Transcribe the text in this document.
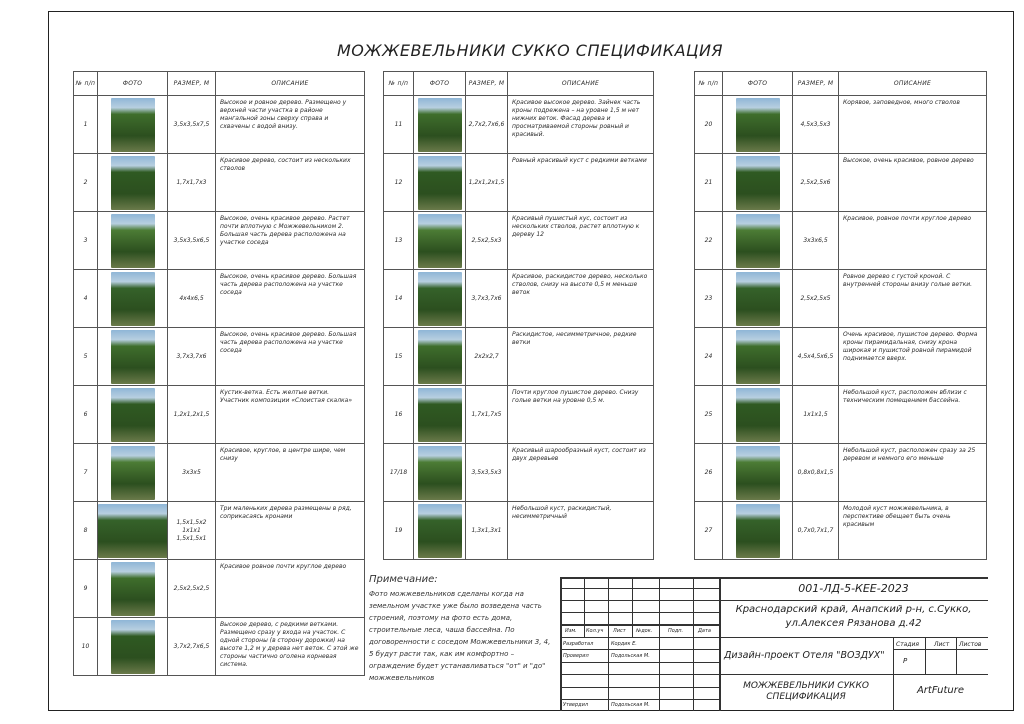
МОЖЖЕВЕЛЬНИКИ СУККО СПЕЦИФИКАЦИЯ
№ п/п	ФОТО	РАЗМЕР, М	ОПИСАНИЕ
1		3,5х3,5х7,5	Высокое и ровное дерево. Размещено у верхней части участка в районе мангальной зоны сверху справа и схвачены с водой внизу.
2		1,7х1,7х3	Красивое дерево, состоит из нескольких стволов
3		3,5х3,5х6,5	Высокое, очень красивое дерево. Растет почти вплотную с Можжевельником 2. Большая часть дерева расположена на участке соседа
4		4х4х6,5	Высокое, очень красивое дерево. Большая часть дерева расположена на участке соседа
5		3,7х3,7х6	Высокое, очень красивое дерево. Большая часть дерева расположена на участке соседа
6		1,2х1,2х1,5	Кустик-ветка. Есть желтые ветки. Участник композиции «Слоистая скалка»
7		3х3х5	Красивое, круглое, в центре шире, чем снизу
8		1,5х1,5х2
1х1х1
1,5х1,5х1	Три маленьких дерева размещены в ряд, соприкасаясь кронами
9		2,5х2,5х2,5	Красивое ровное почти круглое дерево
10		3,7х2,7х6,5	Высокое дерево, с редкими ветками. Размещено сразу у входа на участок. С одной стороны (в сторону дорожки) на высоте 1,2 м у дерева нет веток. С этой же стороны частично оголена корневая система.
№ п/п	ФОТО	РАЗМЕР, М	ОПИСАНИЕ
11		2,7х2,7х6,6	Красивое высокое дерево. Зайнек часть кроны подрежена – на уровне 1,5 м нет нижних веток. Фасад дерева и просматриваемой стороны ровный и красивый.
12		1,2х1,2х1,5	Ровный красивый куст с редкими ветками
13		2,5х2,5х3	Красивый пушистый кус, состоит из нескольких стволов, растет вплотную к дереву 12
14		3,7х3,7х6	Красивое, раскидистое дерево, несколько стволов, снизу на высоте 0,5 м меньше веток
15		2х2х2,7	Раскидистое, несимметричное, редкие ветки
16		1,7х1,7х5	Почти круглое пушистое дерево. Снизу голые ветки на уровне 0,5 м.
17/18		3,5х3,5х3	Красивый шарообразный куст, состоит из двух деревьев
19		1,3х1,3х1	Небольшой куст, раскидистый, несимметричный
№ п/п	ФОТО	РАЗМЕР, М	ОПИСАНИЕ
20		4,5х3,5х3	Корявое, заповедное, много стволов
21		2,5х2,5х6	Высокое, очень красивое, ровное дерево
22		3х3х6,5	Красивое, ровное почти круглое дерево
23		2,5х2,5х5	Ровное дерево с густой кроной. С внутренней стороны внизу голые ветки.
24		4,5х4,5х6,5	Очень красивое, пушистое дерево. Форма кроны пирамидальная, снизу крона широкая и пушистой ровной пирамидой поднимается вверх.
25		1х1х1,5	Небольшой куст, расположен вблизи с техническим помещением бассейна.
26		0,8х0,8х1,5	Небольшой куст, расположен сразу за 25 деревом и немного его меньше
27		0,7х0,7х1,7	Молодой куст можжевельника, в перспективе обещает быть очень красивым
Примечание:
Фото можжевельников сделаны когда на земельном участке уже было возведена часть строений, поэтому на фото есть дома, строительные леса, чаша бассейна. По договоренности с соседом Можжевельники 3, 4, 5 будут расти так, как им комфортно – ограждение будет устанавливаться "от" и "до" можжевельников
Изм. Кол.уч Лист №док.	Подп.	Дата
Разработал	Кордик Е.
Проверил	Подольская М.
Утвердил	Подольская М.
001-ЛД-5-КЕЕ-2023
Краснодарский край, Анапский р-н, с.Сукко,
ул.Алексея Рязанова д.42
Дизайн-проект Отеля "ВОЗДУХ"
Стадия Лист Листов
Р
МОЖЖЕВЕЛЬНИКИ СУККО
СПЕЦИФИКАЦИЯ
ArtFuture
